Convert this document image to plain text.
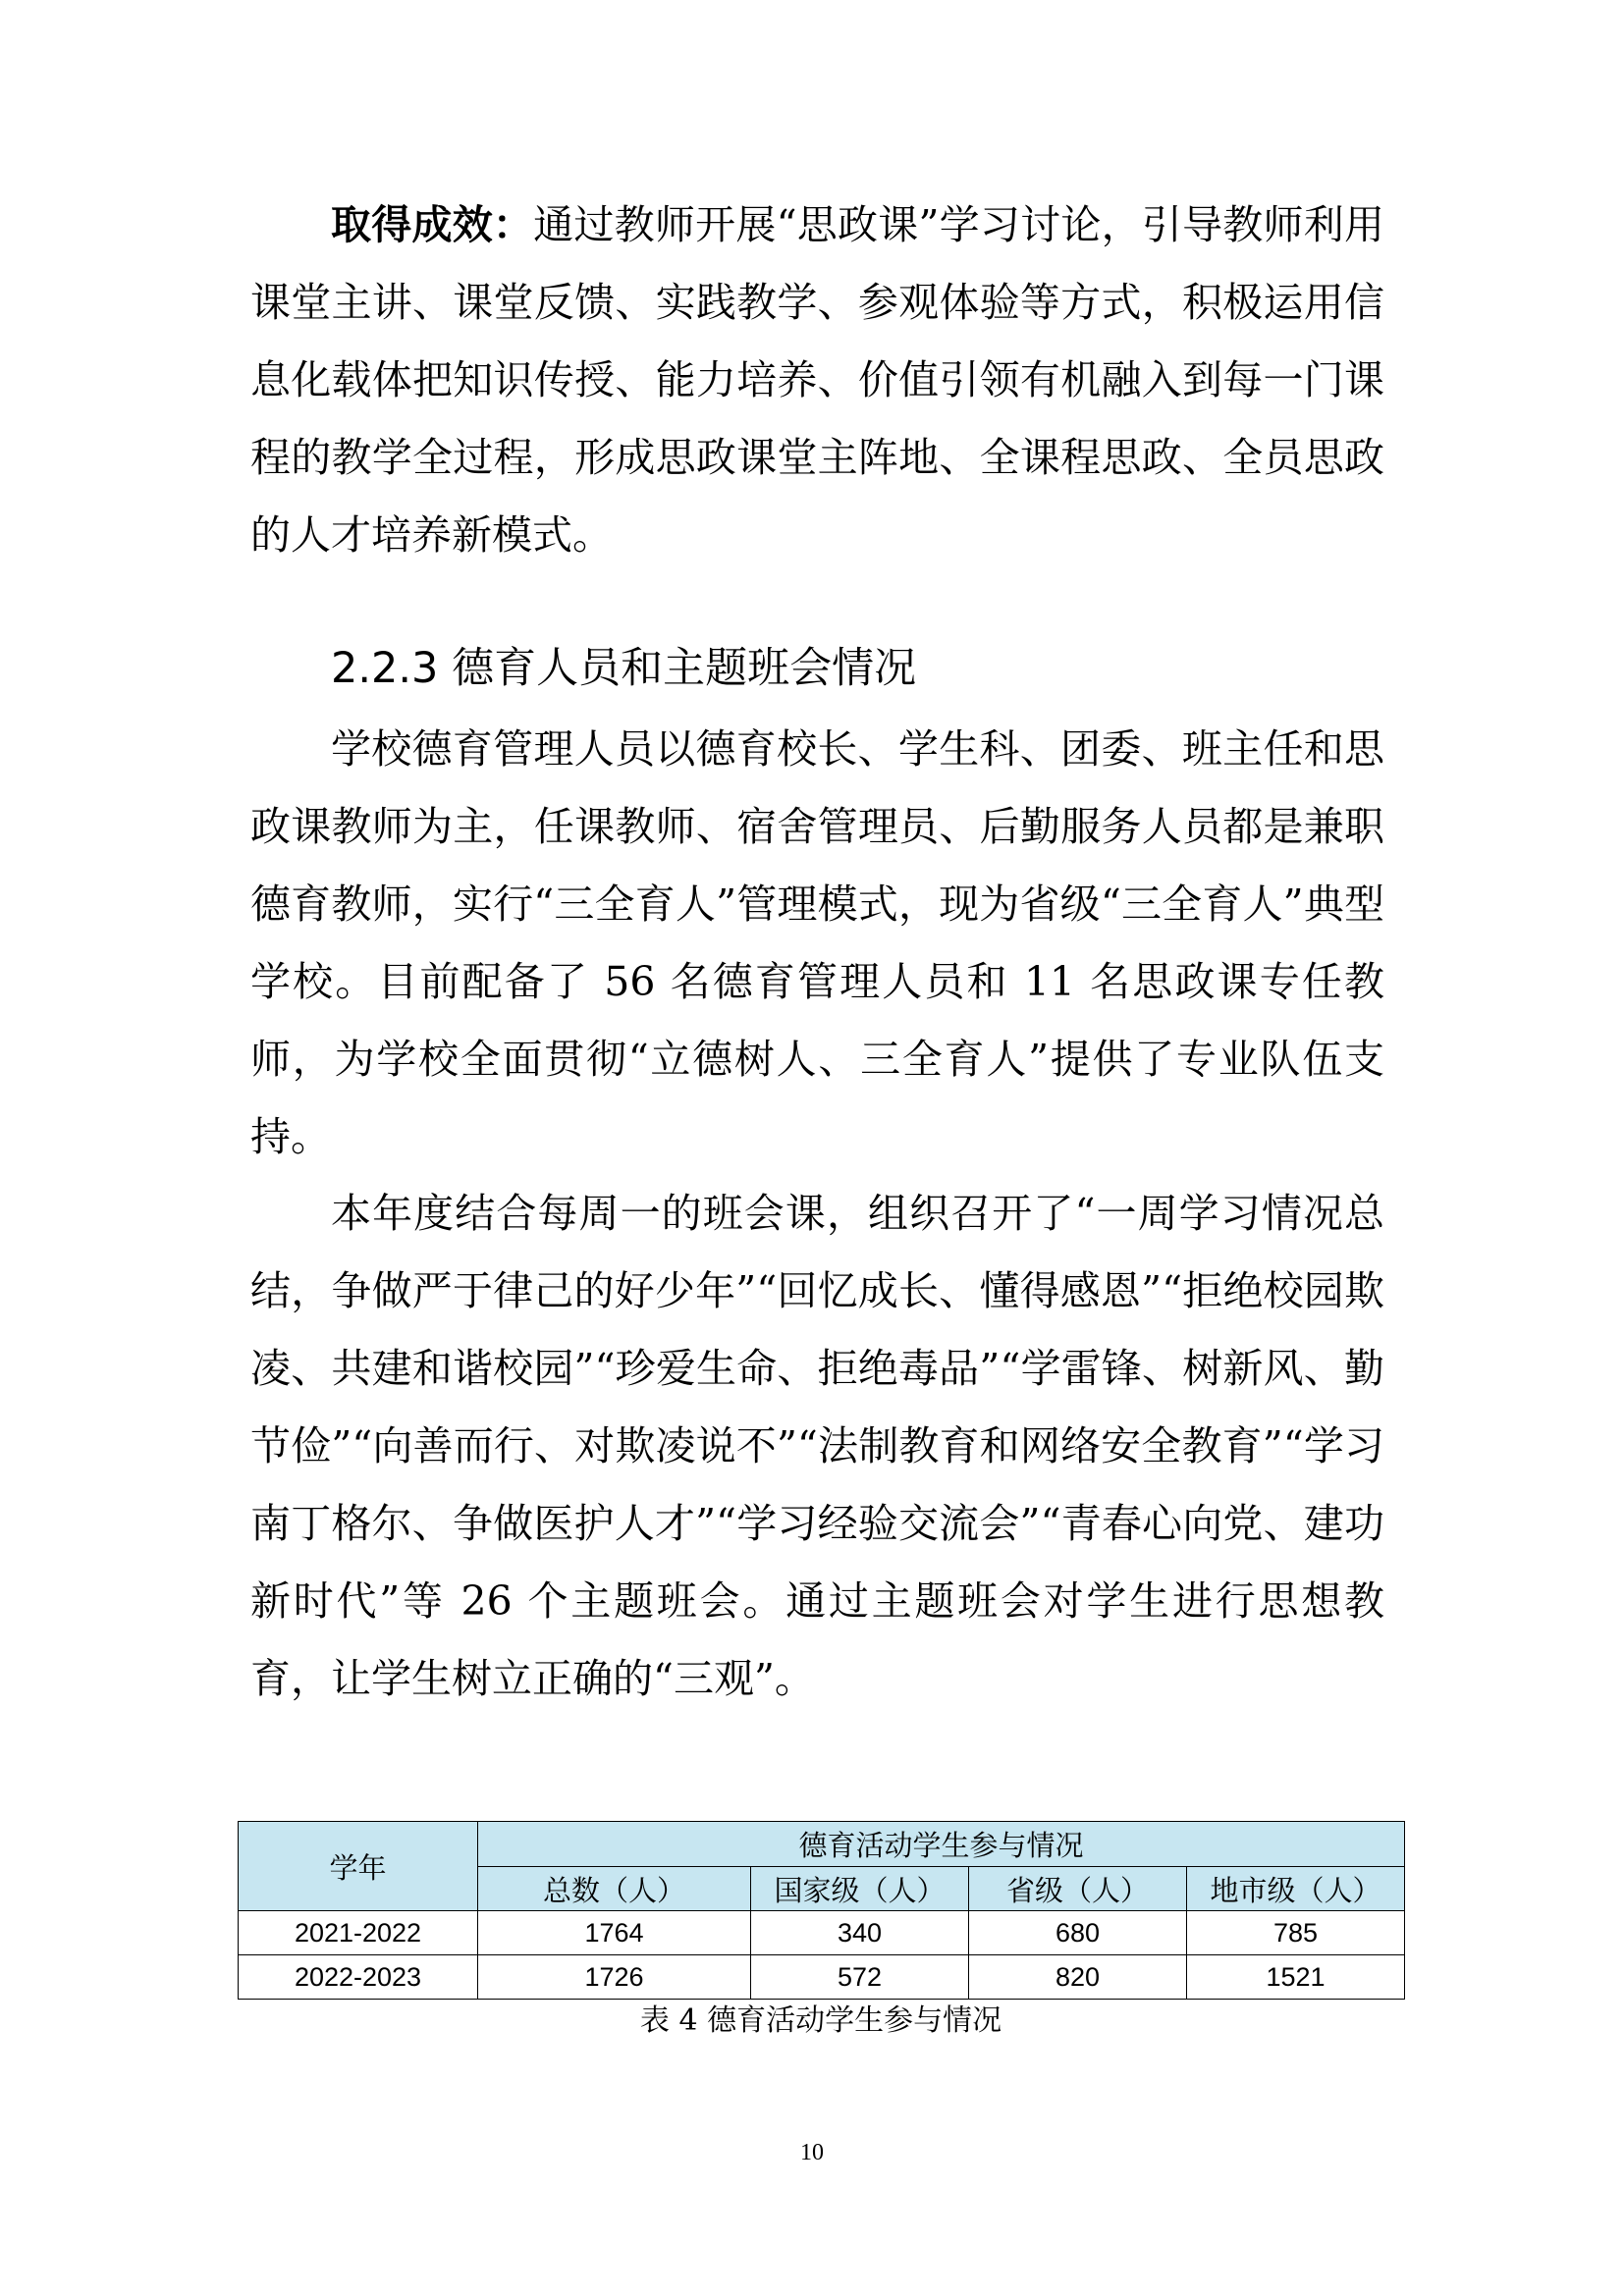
取得成效：通过教师开展“思政课”学习讨论，引导教师利用课堂主讲、课堂反馈、实践教学、参观体验等方式，积极运用信息化载体把知识传授、能力培养、价值引领有机融入到每一门课程的教学全过程，形成思政课堂主阵地、全课程思政、全员思政的人才培养新模式。

2.2.3 德育人员和主题班会情况

学校德育管理人员以德育校长、学生科、团委、班主任和思政课教师为主，任课教师、宿舍管理员、后勤服务人员都是兼职德育教师，实行“三全育人”管理模式，现为省级“三全育人”典型学校。目前配备了 56 名德育管理人员和 11 名思政课专任教师，为学校全面贯彻“立德树人、三全育人”提供了专业队伍支持。

本年度结合每周一的班会课，组织召开了“一周学习情况总结，争做严于律己的好少年”“回忆成长、懂得感恩”“拒绝校园欺凌、共建和谐校园”“珍爱生命、拒绝毒品”“学雷锋、树新风、勤节俭”“向善而行、对欺凌说不”“法制教育和网络安全教育”“学习南丁格尔、争做医护人才”“学习经验交流会”“青春心向党、建功新时代”等 26 个主题班会。通过主题班会对学生进行思想教育，让学生树立正确的“三观”。

学年	德育活动学生参与情况			
	总数（人）	国家级（人）	省级（人）	地市级（人）
2021-2022	1764	340	680	785
2022-2023	1726	572	820	1521
表 4 德育活动学生参与情况
10
